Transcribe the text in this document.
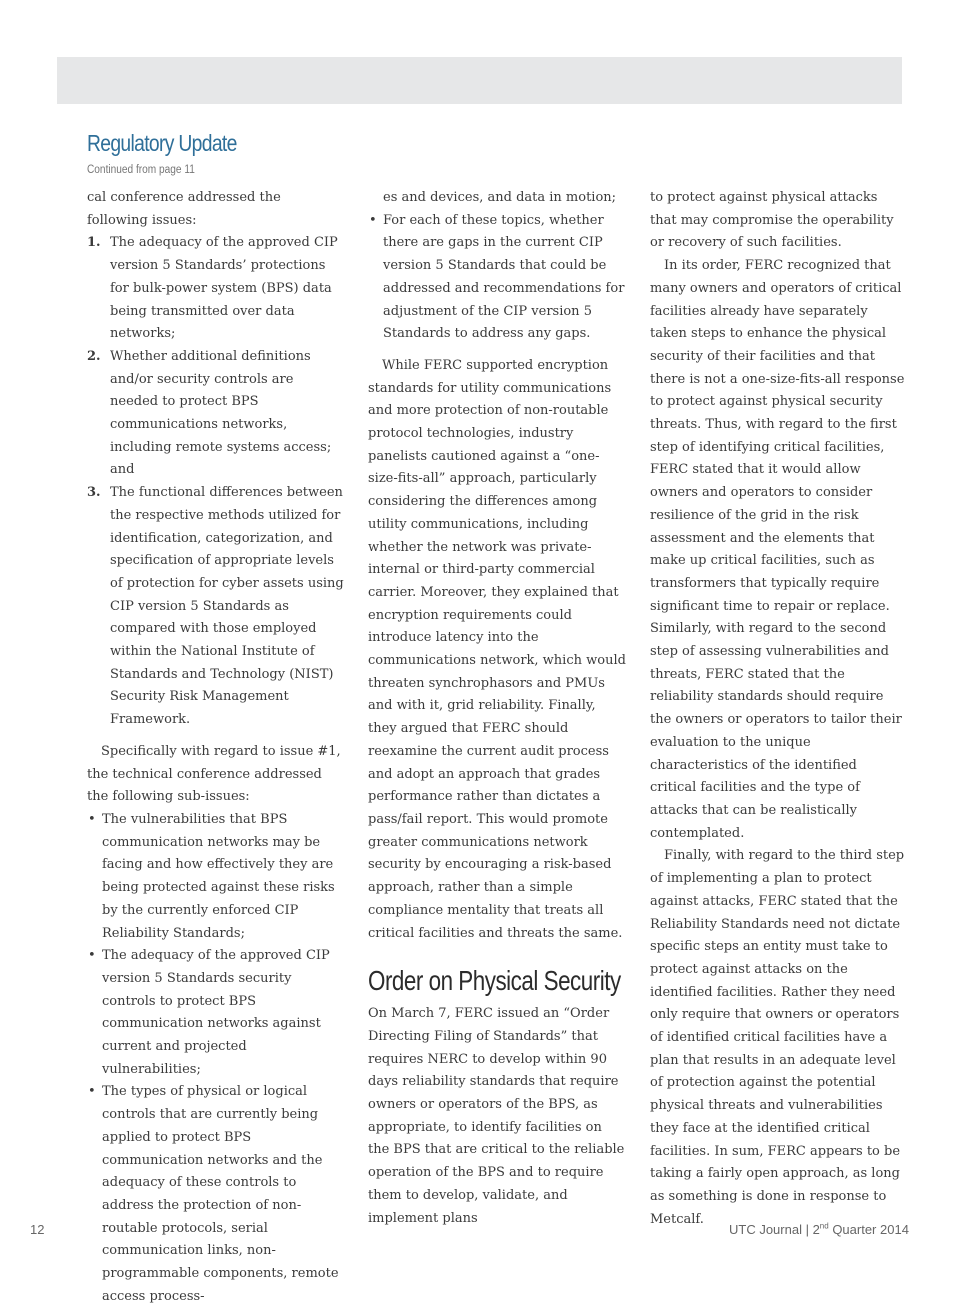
Regulatory Update
Continued from page 11

cal conference addressed the following issues:

1. The adequacy of the approved CIP version 5 Standards’ protections for bulk-power system (BPS) data being transmitted over data networks;
2. Whether additional definitions and/or security controls are needed to protect BPS communications networks, including remote systems access; and
3. The functional differences between the respective methods utilized for identification, categorization, and specification of appropriate levels of protection for cyber assets using CIP version 5 Standards as compared with those employed within the National Institute of Standards and Technology (NIST) Security Risk Management Framework.

Specifically with regard to issue #1, the technical conference addressed the following sub-issues:

• The vulnerabilities that BPS communication networks may be facing and how effectively they are being protected against these risks by the currently enforced CIP Reliability Standards;
• The adequacy of the approved CIP version 5 Standards security controls to protect BPS communication networks against current and projected vulnerabilities;
• The types of physical or logical controls that are currently being applied to protect BPS communication networks and the adequacy of these controls to address the protection of non-routable protocols, serial communication links, non-programmable components, remote access process-

es and devices, and data in motion;

• For each of these topics, whether there are gaps in the current CIP version 5 Standards that could be addressed and recommendations for adjustment of the CIP version 5 Standards to address any gaps.

While FERC supported encryption standards for utility communications and more protection of non-routable protocol technologies, industry panelists cautioned against a “one-size-fits-all” approach, particularly considering the differences among utility communications, including whether the network was private-internal or third-party commercial carrier. Moreover, they explained that encryption requirements could introduce latency into the communications network, which would threaten synchrophasors and PMUs and with it, grid reliability. Finally, they argued that FERC should reexamine the current audit process and adopt an approach that grades performance rather than dictates a pass/fail report. This would promote greater communications network security by encouraging a risk-based approach, rather than a simple compliance mentality that treats all critical facilities and threats the same.

Order on Physical Security

On March 7, FERC issued an “Order Directing Filing of Standards” that requires NERC to develop within 90 days reliability standards that require owners or operators of the BPS, as appropriate, to identify facilities on the BPS that are critical to the reliable operation of the BPS and to require them to develop, validate, and implement plans

to protect against physical attacks that may compromise the operability or recovery of such facilities.

In its order, FERC recognized that many owners and operators of critical facilities already have separately taken steps to enhance the physical security of their facilities and that there is not a one-size-fits-all response to protect against physical security threats. Thus, with regard to the first step of identifying critical facilities, FERC stated that it would allow owners and operators to consider resilience of the grid in the risk assessment and the elements that make up critical facilities, such as transformers that typically require significant time to repair or replace. Similarly, with regard to the second step of assessing vulnerabilities and threats, FERC stated that the reliability standards should require the owners or operators to tailor their evaluation to the unique characteristics of the identified critical facilities and the type of attacks that can be realistically contemplated.

Finally, with regard to the third step of implementing a plan to protect against attacks, FERC stated that the Reliability Standards need not dictate specific steps an entity must take to protect against attacks on the identified facilities. Rather they need only require that owners or operators of identified critical facilities have a plan that results in an adequate level of protection against the potential physical threats and vulnerabilities they face at the identified critical facilities. In sum, FERC appears to be taking a fairly open approach, as long as something is done in response to Metcalf.

12	UTC Journal | 2nd Quarter 2014
